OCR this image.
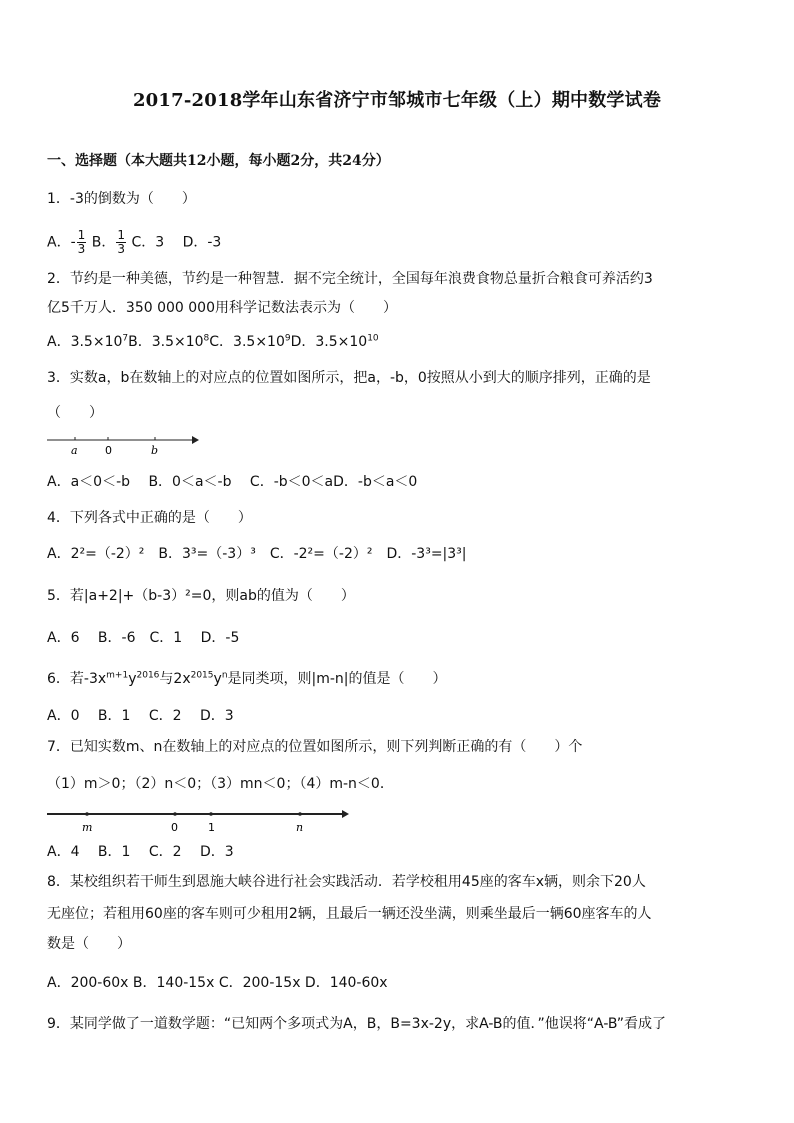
2017-2018学年山东省济宁市邹城市七年级（上）期中数学试卷
一、选择题（本大题共12小题，每小题2分，共24分）
1．-3的倒数为（　　）
A．- $\frac{1}{3}$ B． $\frac{1}{3}$ C．3　 D．-3
2．节约是一种美德，节约是一种智慧．据不完全统计，全国每年浪费食物总量折合粮食可养活约3
亿5千万人．350 000 000用科学记数法表示为（　　）
A．$3.5\times 10^7B$．$3.5\times 10^8C$．$3.5\times 10^9D$．$3.5\times 10^{10}$
3．实数a，b在数轴上的对应点的位置如图所示，把a，-b，0按照从小到大的顺序排列，正确的是
（　　）
a 0	b
A．a＜0＜-b　 B．0＜a＜-b　 C．-b＜0＜aD．-b＜a＜0
4．下列各式中正确的是（　　）
A．2²=（-2）²　B．3³=（-3）³　C．-2²=（-2）²　D．-3³=|3³|
5．若|a+2|+（b-3）²=0，则ab的值为（　　）
A．6　 B．-6　C．1　 D．-5
6．若$-3x^{m+1}y^{2016}$与$2x^{2015}y^n$是同类项，则|m-n|的值是（　　）
A．0　 B．1　 C．2　 D．3
7．已知实数m、n在数轴上的对应点的位置如图所示，则下列判断正确的有（　　）个
（1）m＞0；（2）n＜0；（3）mn＜0；（4）m-n＜0．
m	0	1	n
A．4　 B．1　 C．2　 D．3
8．某校组织若干师生到恩施大峡谷进行社会实践活动．若学校租用45座的客车x辆，则余下20人
无座位；若租用60座的客车则可少租用2辆，且最后一辆还没坐满，则乘坐最后一辆60座客车的人
数是（　　）
A．200-60x B．140-15x C．200-15x D．140-60x
9．某同学做了一道数学题：“已知两个多项式为A，B，B=3x-2y，求A-B的值．”他误将“A-B”看成了
